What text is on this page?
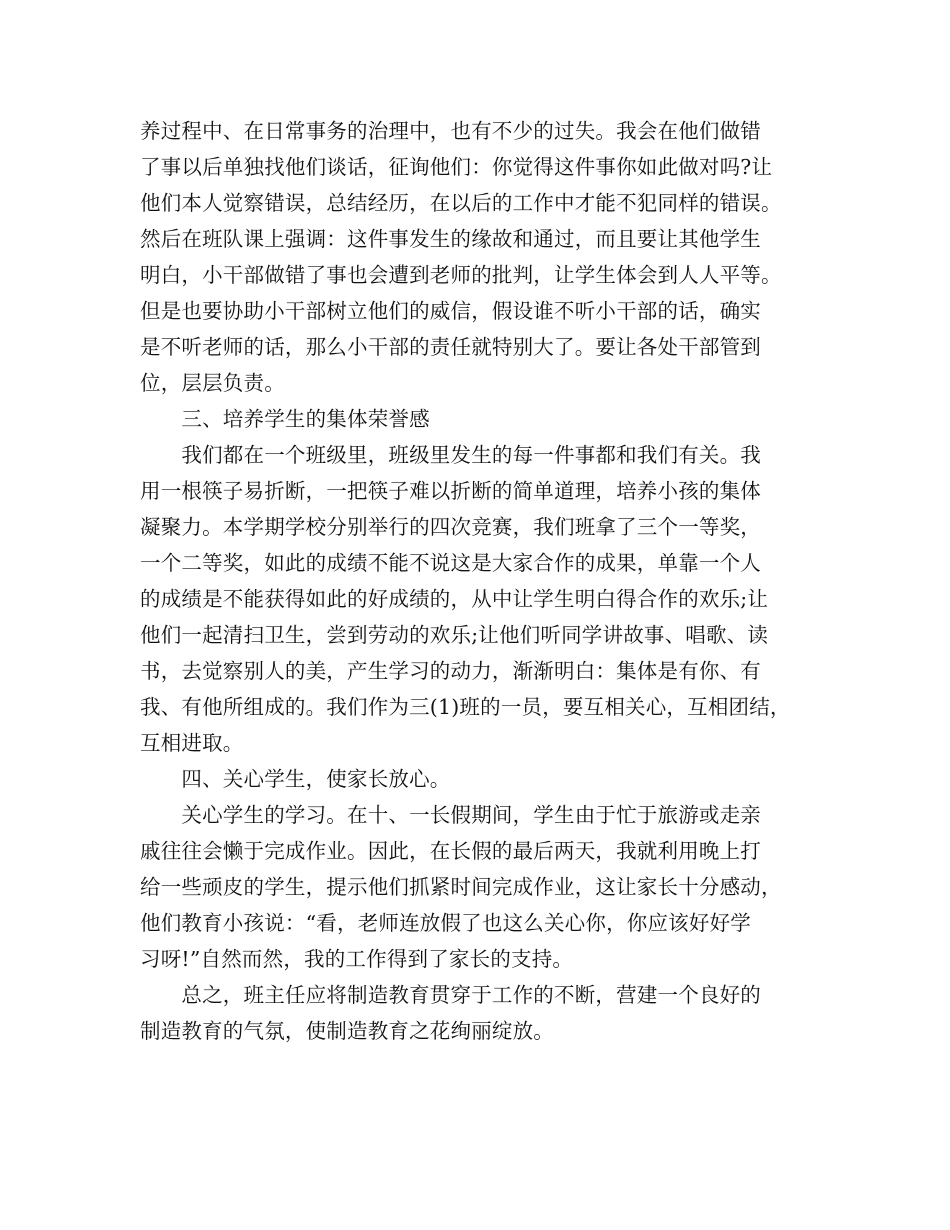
养过程中、在日常事务的治理中，也有不少的过失。我会在他们做错
了事以后单独找他们谈话，征询他们：你觉得这件事你如此做对吗?让
他们本人觉察错误，总结经历，在以后的工作中才能不犯同样的错误。
然后在班队课上强调：这件事发生的缘故和通过，而且要让其他学生
明白，小干部做错了事也会遭到老师的批判，让学生体会到人人平等。
但是也要协助小干部树立他们的威信，假设谁不听小干部的话，确实
是不听老师的话，那么小干部的责任就特别大了。要让各处干部管到
位，层层负责。
　　三、培养学生的集体荣誉感
　　我们都在一个班级里，班级里发生的每一件事都和我们有关。我
用一根筷子易折断，一把筷子难以折断的简单道理，培养小孩的集体
凝聚力。本学期学校分别举行的四次竞赛，我们班拿了三个一等奖，
一个二等奖，如此的成绩不能不说这是大家合作的成果，单靠一个人
的成绩是不能获得如此的好成绩的，从中让学生明白得合作的欢乐;让
他们一起清扫卫生，尝到劳动的欢乐;让他们听同学讲故事、唱歌、读
书，去觉察别人的美，产生学习的动力，渐渐明白：集体是有你、有
我、有他所组成的。我们作为三(1)班的一员，要互相关心，互相团结，
互相进取。
　　四、关心学生，使家长放心。
　　关心学生的学习。在十、一长假期间，学生由于忙于旅游或走亲
戚往往会懒于完成作业。因此，在长假的最后两天，我就利用晚上打
给一些顽皮的学生，提示他们抓紧时间完成作业，这让家长十分感动，
他们教育小孩说：“看，老师连放假了也这么关心你，你应该好好学
习呀!”自然而然，我的工作得到了家长的支持。
　　总之，班主任应将制造教育贯穿于工作的不断，营建一个良好的
制造教育的气氛，使制造教育之花绚丽绽放。
